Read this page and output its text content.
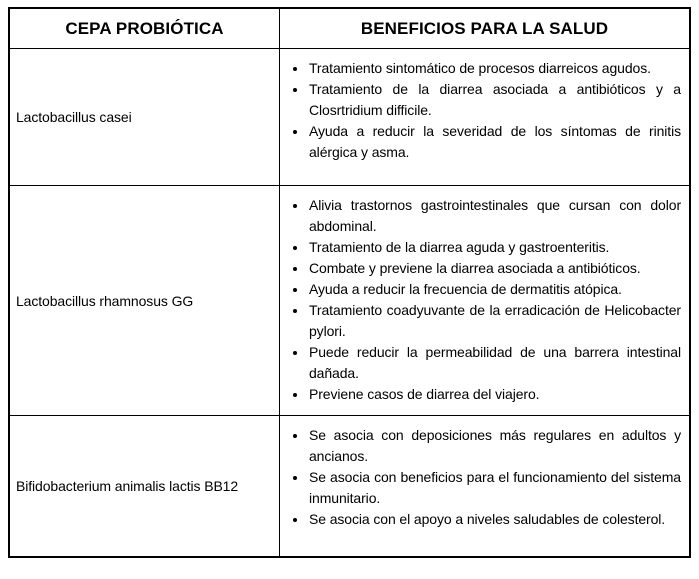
CEPA PROBIÓTICA	BENEFICIOS PARA LA SALUD
Lactobacillus casei
• Tratamiento sintomático de procesos diarreicos agudos.
• Tratamiento de la diarrea asociada a antibióticos y a Closrtridium difficile.
• Ayuda a reducir la severidad de los síntomas de rinitis alérgica y asma.
Lactobacillus rhamnosus GG
• Alivia trastornos gastrointestinales que cursan con dolor abdominal.
• Tratamiento de la diarrea aguda y gastroenteritis.
• Combate y previene la diarrea asociada a antibióticos.
• Ayuda a reducir la frecuencia de dermatitis atópica.
• Tratamiento coadyuvante de la erradicación de Helicobacter pylori.
• Puede reducir la permeabilidad de una barrera intestinal dañada.
• Previene casos de diarrea del viajero.
Bifidobacterium animalis lactis BB12
• Se asocia con deposiciones más regulares en adultos y ancianos.
• Se asocia con beneficios para el funcionamiento del sistema inmunitario.
• Se asocia con el apoyo a niveles saludables de colesterol.
